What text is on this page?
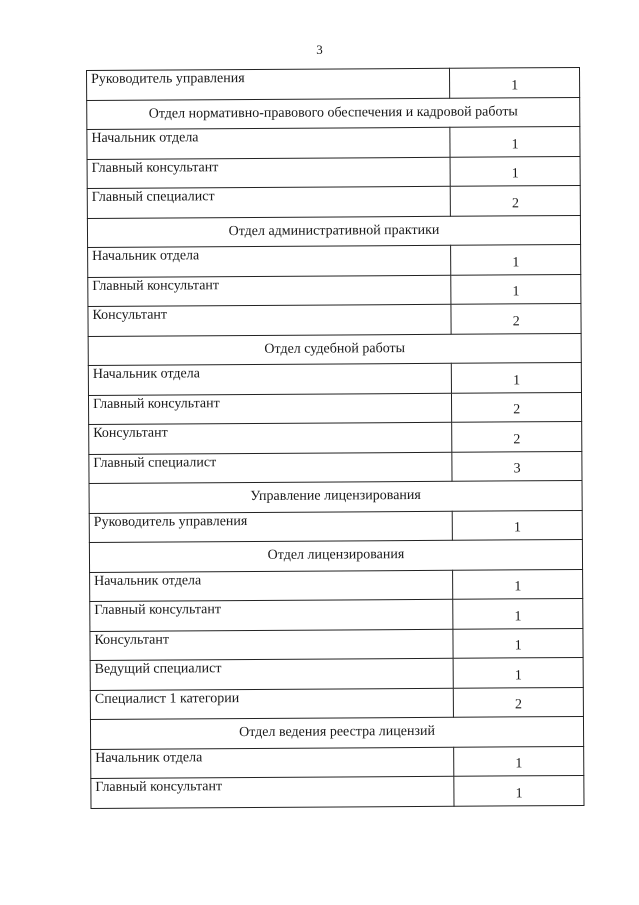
3
Руководитель управления	1
Отдел нормативно-правового обеспечения и кадровой работы	
Начальник отдела	1
Главный консультант	1
Главный специалист	2
Отдел административной практики	
Начальник отдела	1
Главный консультант	1
Консультант	2
Отдел судебной работы	
Начальник отдела	1
Главный консультант	2
Консультант	2
Главный специалист	3
Управление лицензирования	
Руководитель управления	1
Отдел лицензирования	
Начальник отдела	1
Главный консультант	1
Консультант	1
Ведущий специалист	1
Специалист 1 категории	2
Отдел ведения реестра лицензий	
Начальник отдела	1
Главный консультант	1
